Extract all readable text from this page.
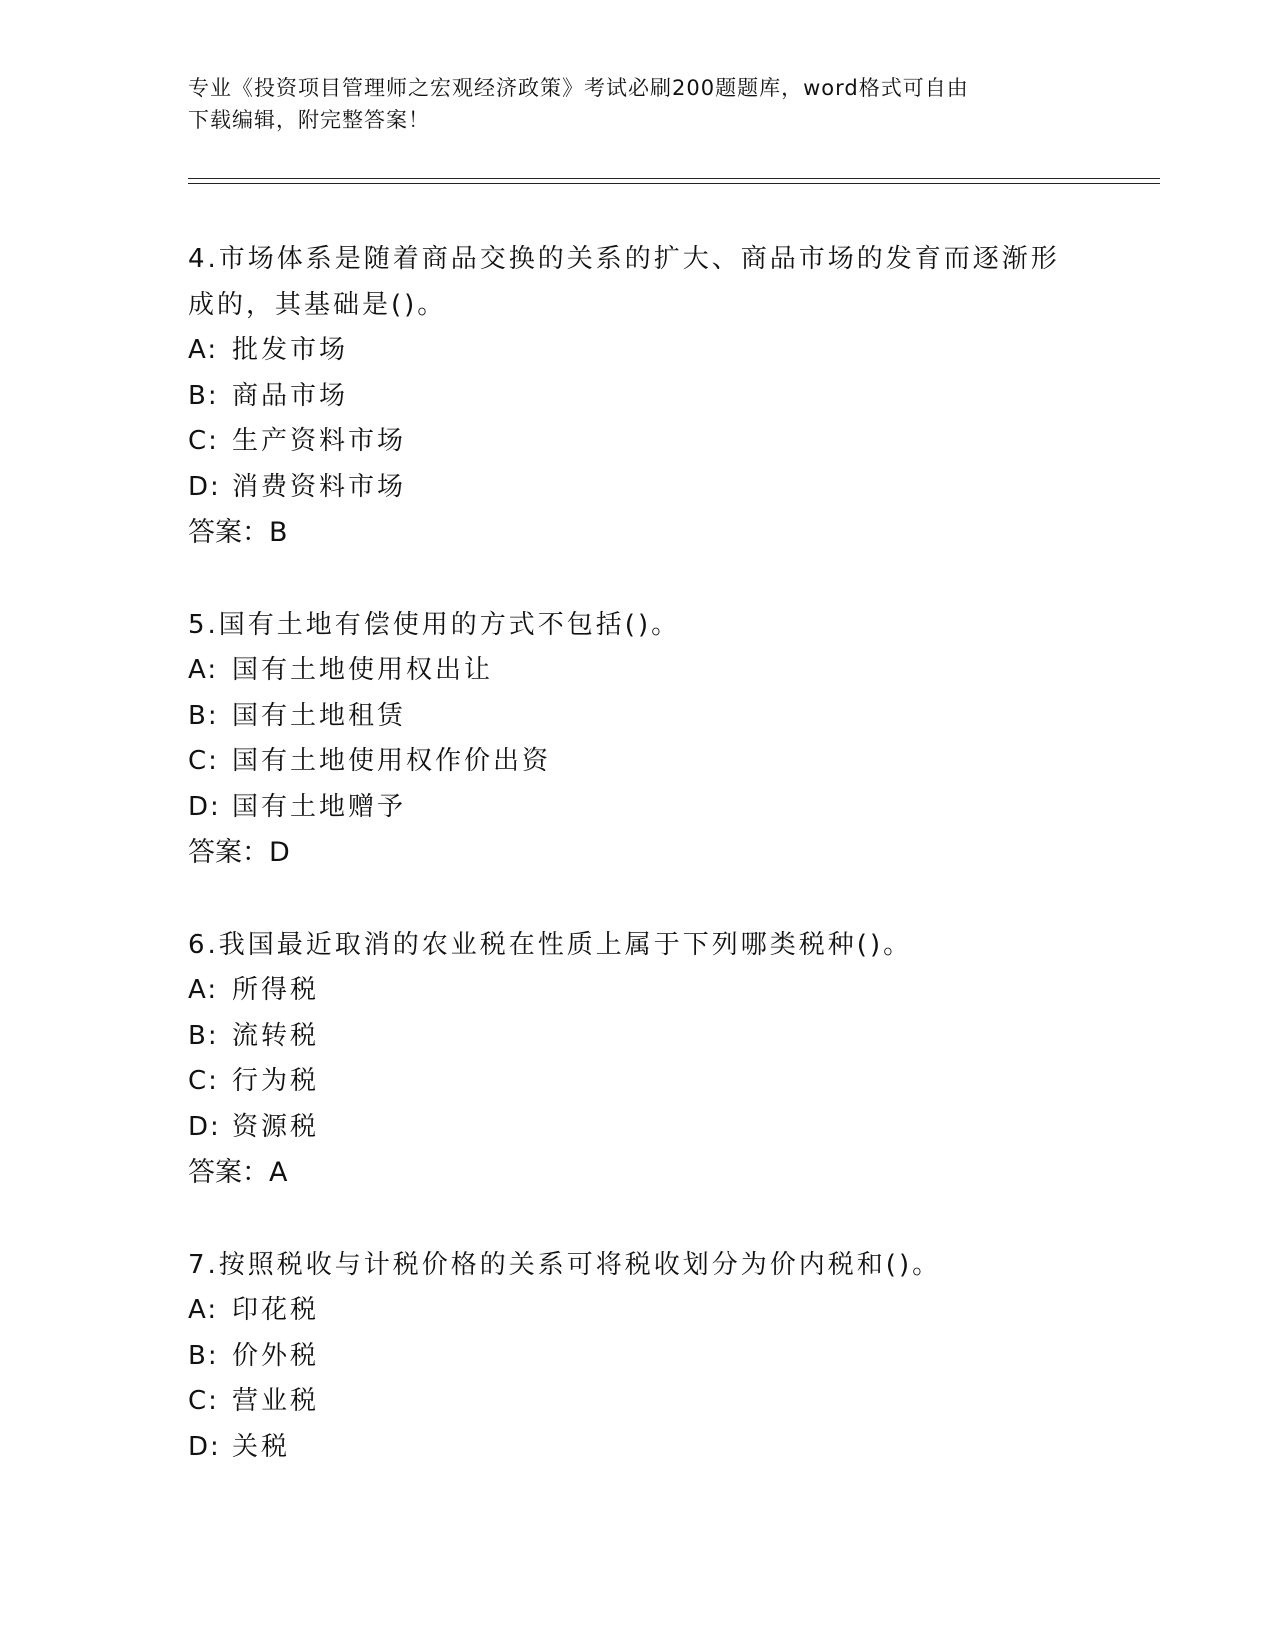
专业《投资项目管理师之宏观经济政策》考试必刷200题题库，word格式可自由
下载编辑，附完整答案！

4.市场体系是随着商品交换的关系的扩大、商品市场的发育而逐渐形

成的，其基础是()。

A: 批发市场

B: 商品市场

C: 生产资料市场

D: 消费资料市场

答案：B

5.国有土地有偿使用的方式不包括()。

A: 国有土地使用权出让

B: 国有土地租赁

C: 国有土地使用权作价出资

D: 国有土地赠予

答案：D

6.我国最近取消的农业税在性质上属于下列哪类税种()。

A: 所得税

B: 流转税

C: 行为税

D: 资源税

答案：A

7.按照税收与计税价格的关系可将税收划分为价内税和()。

A: 印花税

B: 价外税

C: 营业税

D: 关税
